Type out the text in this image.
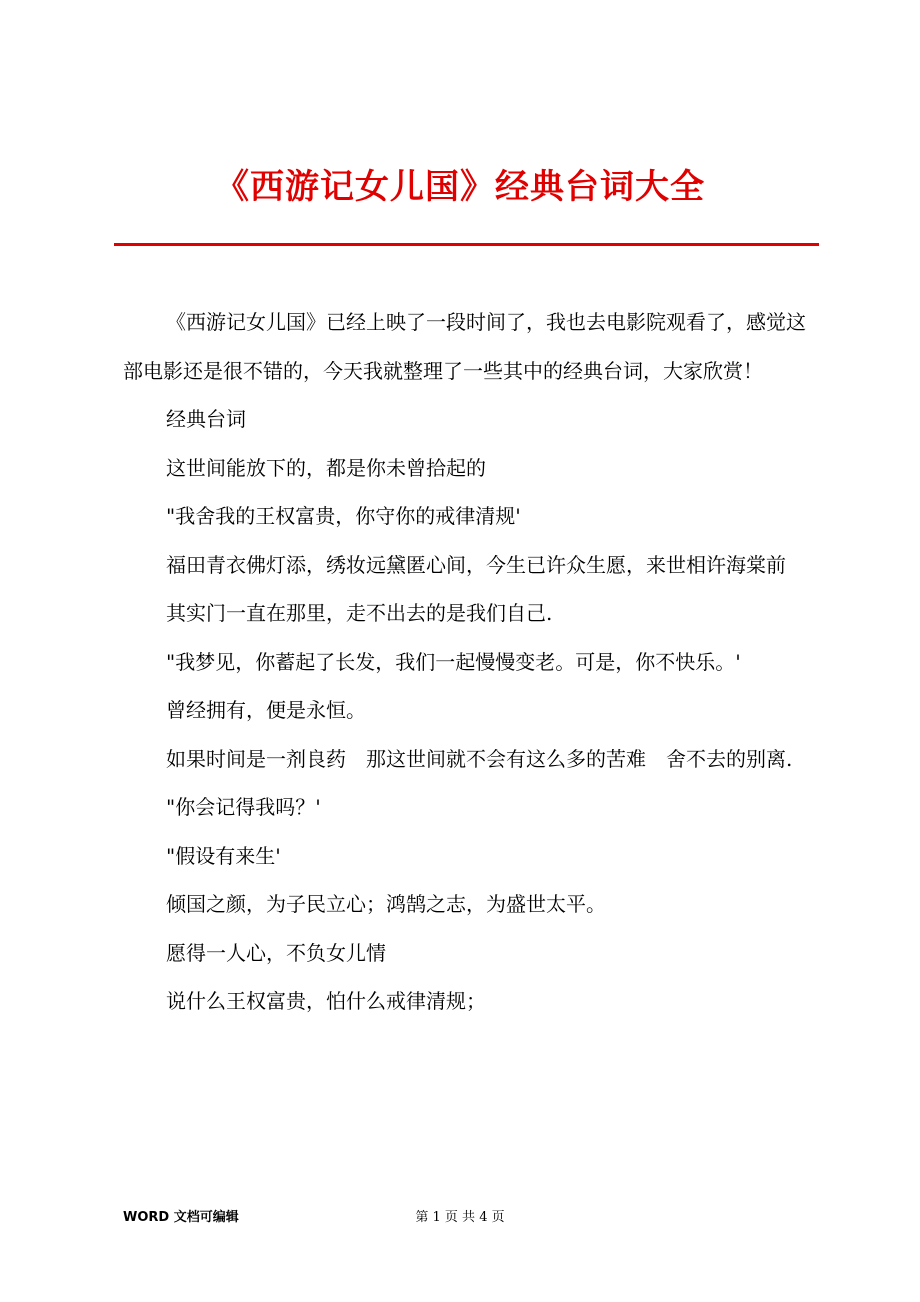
《西游记女儿国》经典台词大全

《西游记女儿国》已经上映了一段时间了，我也去电影院观看了，感觉这部电影还是很不错的，今天我就整理了一些其中的经典台词，大家欣赏！

经典台词

这世间能放下的，都是你未曾拾起的

"我舍我的王权富贵，你守你的戒律清规'

福田青衣佛灯添，绣妆远黛匿心间，今生已许众生愿，来世相许海棠前

其实门一直在那里，走不出去的是我们自己.

"我梦见，你蓄起了长发，我们一起慢慢变老。可是，你不快乐。'

曾经拥有，便是永恒。

如果时间是一剂良药　那这世间就不会有这么多的苦难　舍不去的别离.

"你会记得我吗？'

"假设有来生'

倾国之颜，为子民立心；鸿鹄之志，为盛世太平。

愿得一人心，不负女儿情

说什么王权富贵，怕什么戒律清规；

WORD 文档可编辑	第 1 页 共 4 页
